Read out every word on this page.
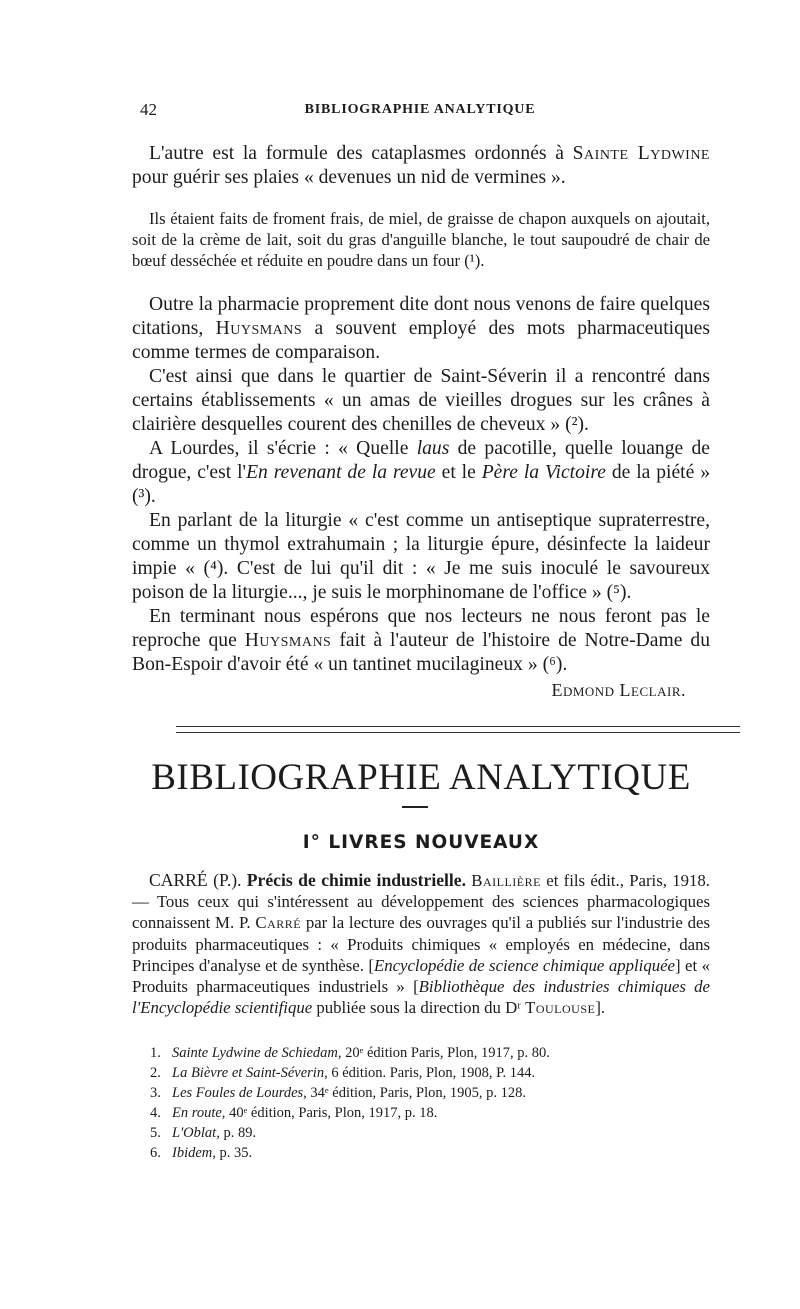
42	BIBLIOGRAPHIE ANALYTIQUE

L'autre est la formule des cataplasmes ordonnés à Sainte Lydwine pour guérir ses plaies « devenues un nid de vermines ».

Ils étaient faits de froment frais, de miel, de graisse de chapon auxquels on ajoutait, soit de la crème de lait, soit du gras d'anguille blanche, le tout saupoudré de chair de bœuf desséchée et réduite en poudre dans un four (¹).

Outre la pharmacie proprement dite dont nous venons de faire quelques citations, Huysmans a souvent employé des mots pharmaceutiques comme termes de comparaison.

C'est ainsi que dans le quartier de Saint-Séverin il a rencontré dans certains établissements « un amas de vieilles drogues sur les crânes à clairière desquelles courent des chenilles de cheveux » (²).

A Lourdes, il s'écrie : « Quelle laus de pacotille, quelle louange de drogue, c'est l'En revenant de la revue et le Père la Victoire de la piété » (³).

En parlant de la liturgie « c'est comme un antiseptique supraterrestre, comme un thymol extrahumain ; la liturgie épure, désinfecte la laideur impie « (⁴). C'est de lui qu'il dit : « Je me suis inoculé le savoureux poison de la liturgie..., je suis le morphinomane de l'office » (⁵).

En terminant nous espérons que nos lecteurs ne nous feront pas le reproche que Huysmans fait à l'auteur de l'histoire de Notre-Dame du Bon-Espoir d'avoir été « un tantinet mucilagineux » (⁶).

Edmond Leclair.

BIBLIOGRAPHIE ANALYTIQUE
I° LIVRES NOUVEAUX

CARRÉ (P.). Précis de chimie industrielle. Baillière et fils édit., Paris, 1918. — Tous ceux qui s'intéressent au développement des sciences pharmacologiques connaissent M. P. Carré par la lecture des ouvrages qu'il a publiés sur l'industrie des produits pharmaceutiques : « Produits chimiques « employés en médecine, dans Principes d'analyse et de synthèse. [Encyclopédie de science chimique appliquée] et « Produits pharmaceutiques industriels » [Bibliothèque des industries chimiques de l'Encyclopédie scientifique publiée sous la direction du Dʳ Toulouse].

1. Sainte Lydwine de Schiedam, 20ᵉ édition Paris, Plon, 1917, p. 80.

2. La Bièvre et Saint-Séverin, 6 édition. Paris, Plon, 1908, P. 144.

3. Les Foules de Lourdes, 34ᵉ édition, Paris, Plon, 1905, p. 128.

4. En route, 40ᵉ édition, Paris, Plon, 1917, p. 18.

5. L'Oblat, p. 89.

6. Ibidem, p. 35.
